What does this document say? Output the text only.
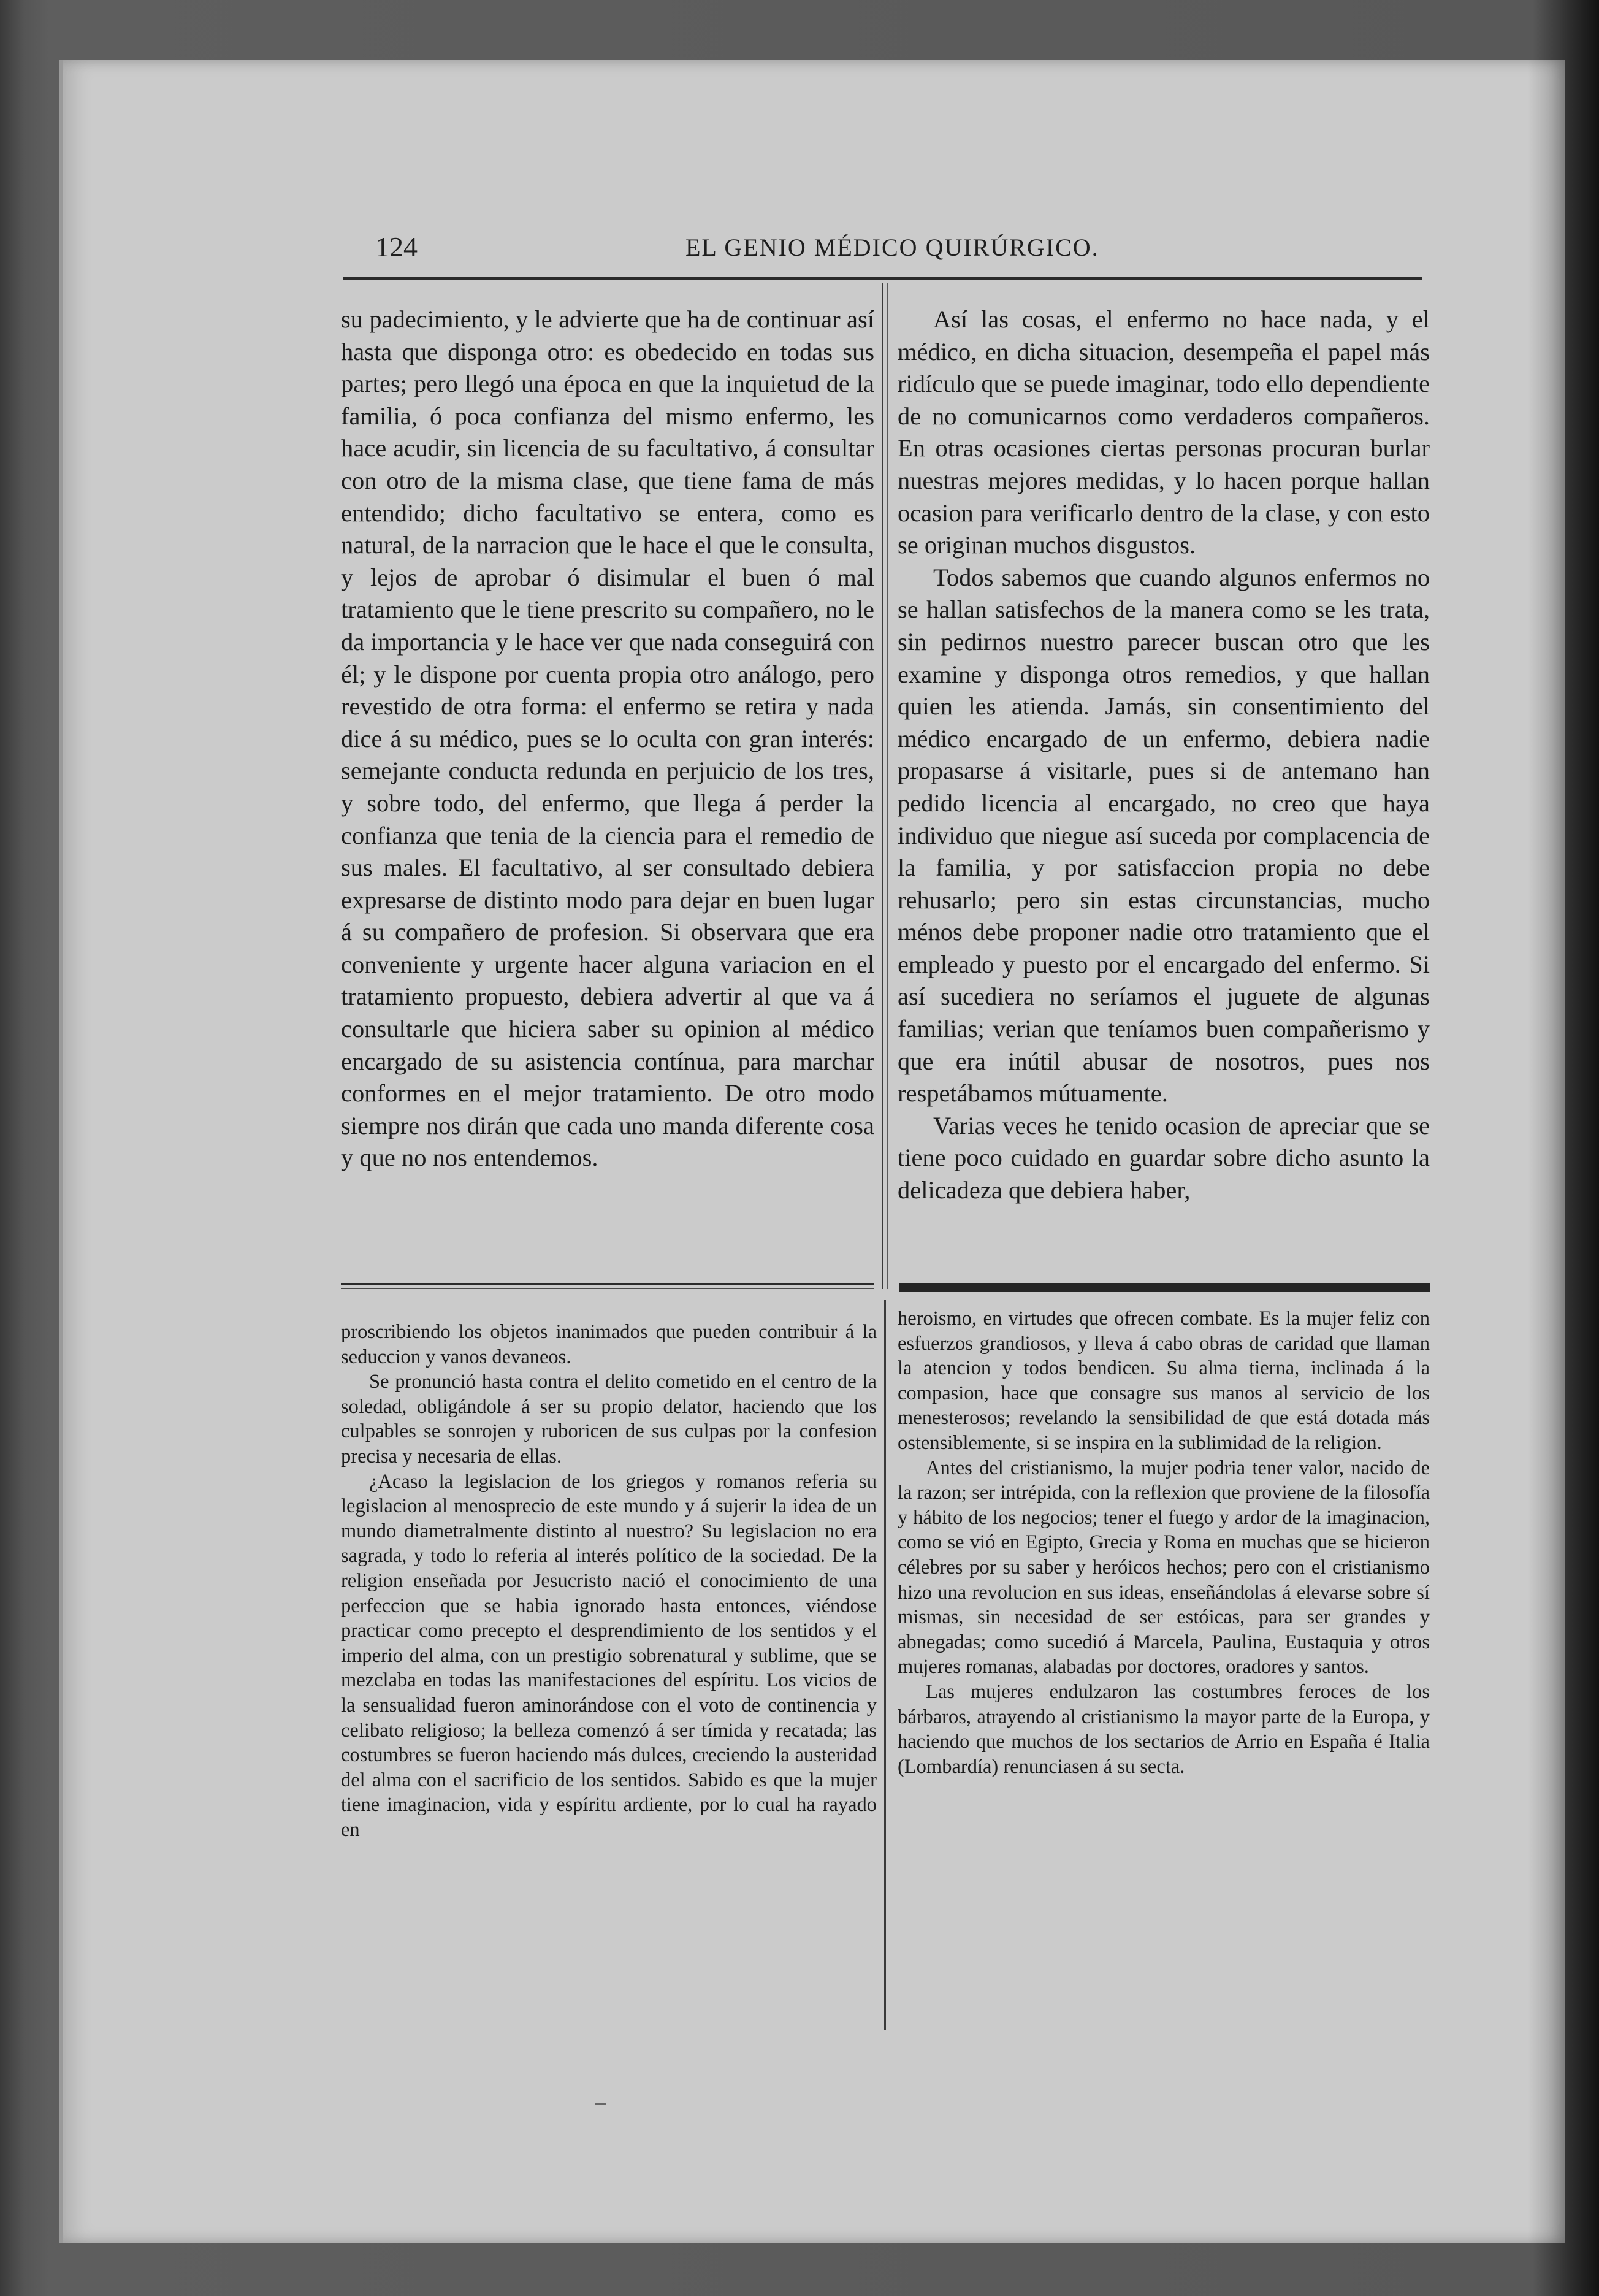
124	EL GENIO MÉDICO QUIRÚRGICO.

su padecimiento, y le advierte que ha de continuar así hasta que disponga otro: es obedecido en todas sus partes; pero llegó una época en que la inquietud de la familia, ó poca confianza del mismo enfermo, les hace acudir, sin licencia de su facultativo, á consultar con otro de la misma clase, que tiene fama de más entendido; dicho facultativo se entera, como es natural, de la narracion que le hace el que le consulta, y lejos de aprobar ó disimular el buen ó mal tratamiento que le tiene prescrito su compañero, no le da importancia y le hace ver que nada conseguirá con él; y le dispone por cuenta propia otro análogo, pero revestido de otra forma: el enfermo se retira y nada dice á su médico, pues se lo oculta con gran interés: semejante conducta redunda en perjuicio de los tres, y sobre todo, del enfermo, que llega á perder la confianza que tenia de la ciencia para el remedio de sus males. El facultativo, al ser consultado debiera expresarse de distinto modo para dejar en buen lugar á su compañero de profesion. Si observara que era conveniente y urgente hacer alguna variacion en el tratamiento propuesto, debiera advertir al que va á consultarle que hiciera saber su opinion al médico encargado de su asistencia contínua, para marchar conformes en el mejor tratamiento. De otro modo siempre nos dirán que cada uno manda diferente cosa y que no nos entendemos.

Así las cosas, el enfermo no hace nada, y el médico, en dicha situacion, desempeña el papel más ridículo que se puede imaginar, todo ello dependiente de no comunicarnos como verdaderos compañeros. En otras ocasiones ciertas personas procuran burlar nuestras mejores medidas, y lo hacen porque hallan ocasion para verificarlo dentro de la clase, y con esto se originan muchos disgustos.

Todos sabemos que cuando algunos enfermos no se hallan satisfechos de la manera como se les trata, sin pedirnos nuestro parecer buscan otro que les examine y disponga otros remedios, y que hallan quien les atienda. Jamás, sin consentimiento del médico encargado de un enfermo, debiera nadie propasarse á visitarle, pues si de antemano han pedido licencia al encargado, no creo que haya individuo que niegue así suceda por complacencia de la familia, y por satisfaccion propia no debe rehusarlo; pero sin estas circunstancias, mucho ménos debe proponer nadie otro tratamiento que el empleado y puesto por el encargado del enfermo. Si así sucediera no seríamos el juguete de algunas familias; verian que teníamos buen compañerismo y que era inútil abusar de nosotros, pues nos respetábamos mútuamente.

Varias veces he tenido ocasion de apreciar que se tiene poco cuidado en guardar sobre dicho asunto la delicadeza que debiera haber,

proscribiendo los objetos inanimados que pueden contribuir á la seduccion y vanos devaneos.

Se pronunció hasta contra el delito cometido en el centro de la soledad, obligándole á ser su propio delator, haciendo que los culpables se sonrojen y ruboricen de sus culpas por la confesion precisa y necesaria de ellas.

¿Acaso la legislacion de los griegos y romanos referia su legislacion al menosprecio de este mundo y á sujerir la idea de un mundo diametralmente distinto al nuestro? Su legislacion no era sagrada, y todo lo referia al interés político de la sociedad. De la religion enseñada por Jesucristo nació el conocimiento de una perfeccion que se habia ignorado hasta entonces, viéndose practicar como precepto el desprendimiento de los sentidos y el imperio del alma, con un prestigio sobrenatural y sublime, que se mezclaba en todas las manifestaciones del espíritu. Los vicios de la sensualidad fueron aminorándose con el voto de continencia y celibato religioso; la belleza comenzó á ser tímida y recatada; las costumbres se fueron haciendo más dulces, creciendo la austeridad del alma con el sacrificio de los sentidos. Sabido es que la mujer tiene imaginacion, vida y espíritu ardiente, por lo cual ha rayado en

heroismo, en virtudes que ofrecen combate. Es la mujer feliz con esfuerzos grandiosos, y lleva á cabo obras de caridad que llaman la atencion y todos bendicen. Su alma tierna, inclinada á la compasion, hace que consagre sus manos al servicio de los menesterosos; revelando la sensibilidad de que está dotada más ostensiblemente, si se inspira en la sublimidad de la religion.

Antes del cristianismo, la mujer podria tener valor, nacido de la razon; ser intrépida, con la reflexion que proviene de la filosofía y hábito de los negocios; tener el fuego y ardor de la imaginacion, como se vió en Egipto, Grecia y Roma en muchas que se hicieron célebres por su saber y heróicos hechos; pero con el cristianismo hizo una revolucion en sus ideas, enseñándolas á elevarse sobre sí mismas, sin necesidad de ser estóicas, para ser grandes y abnegadas; como sucedió á Marcela, Paulina, Eustaquia y otros mujeres romanas, alabadas por doctores, oradores y santos.

Las mujeres endulzaron las costumbres feroces de los bárbaros, atrayendo al cristianismo la mayor parte de la Europa, y haciendo que muchos de los sectarios de Arrio en España é Italia (Lombardía) renunciasen á su secta.
